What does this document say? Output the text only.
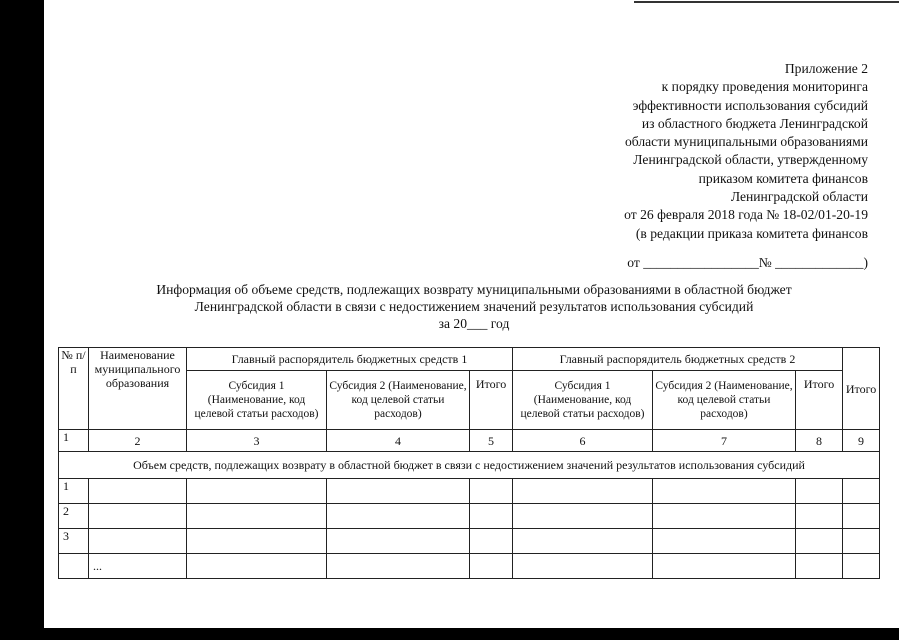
Приложение 2
к порядку проведения мониторинга
эффективности использования субсидий
из областного бюджета Ленинградской
области муниципальными образованиями
Ленинградской области, утвержденному
приказом комитета финансов
Ленинградской области
от 26 февраля 2018 года № 18-02/01-20-19
(в редакции приказа комитета финансов
от _________________№ _____________)
Информация об объеме средств, подлежащих возврату муниципальными образованиями в областной бюджет
Ленинградской области в связи с недостижением значений результатов использования субсидий
за 20___ год
№ п/п	Наименование муниципального образования	Главный распорядитель бюджетных средств 1			Главный распорядитель бюджетных средств 2			Итого
		Субсидия 1 (Наименование, код целевой статьи расходов)	Субсидия 2 (Наименование, код целевой статьи расходов)	Итого	Субсидия 1 (Наименование, код целевой статьи расходов)	Субсидия 2 (Наименование, код целевой статьи расходов)	Итого	
1	2	3	4	5	6	7	8	9
Объем средств, подлежащих возврату в областной бюджет в связи с недостижением значений результатов использования субсидий								
1								
2								
3								
	...							
